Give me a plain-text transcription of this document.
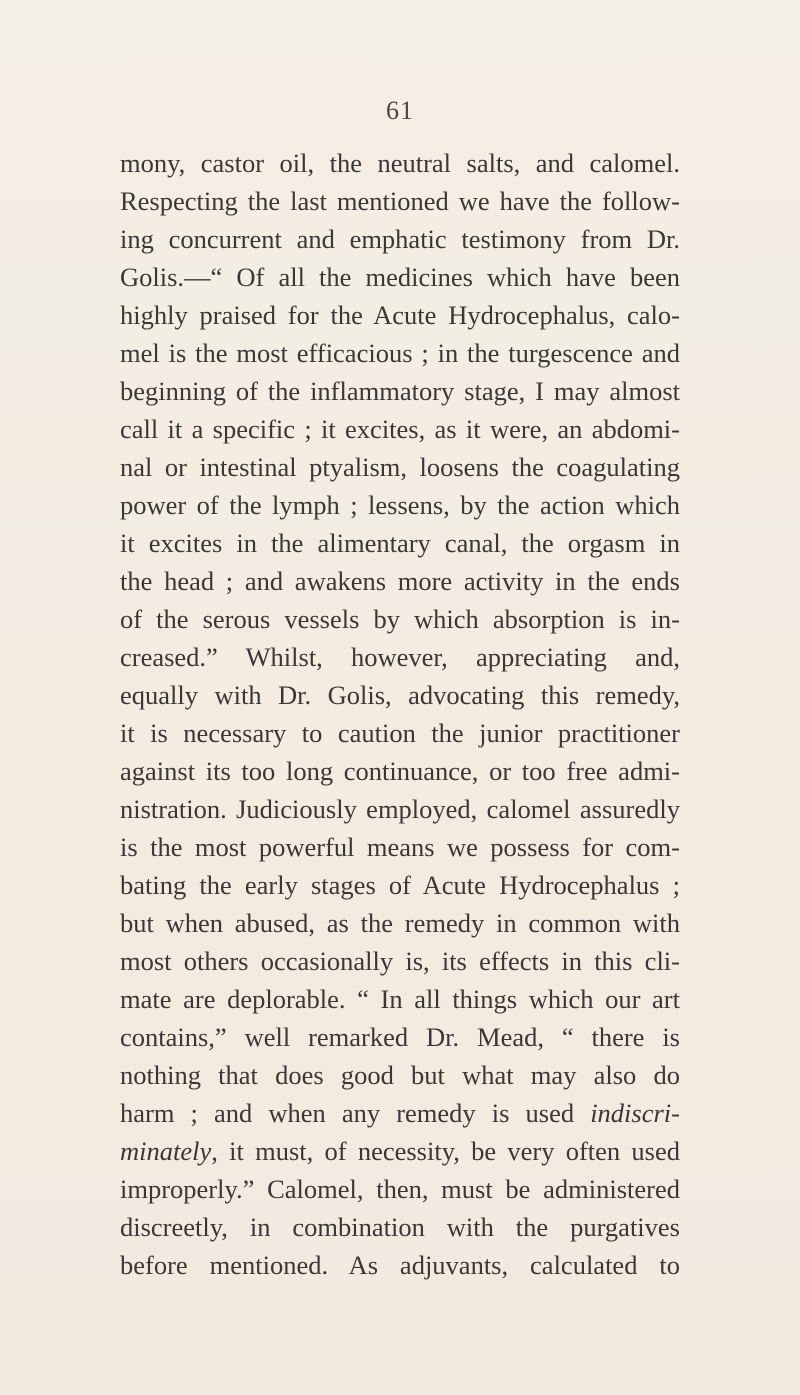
61
mony, castor oil, the neutral salts, and calomel.
Respecting the last mentioned we have the follow-
ing concurrent and emphatic testimony from Dr.
Golis.—“ Of all the medicines which have been
highly praised for the Acute Hydrocephalus, calo-
mel is the most efficacious ; in the turgescence and
beginning of the inflammatory stage, I may almost
call it a specific ; it excites, as it were, an abdomi-
nal or intestinal ptyalism, loosens the coagulating
power of the lymph ; lessens, by the action which
it excites in the alimentary canal, the orgasm in
the head ; and awakens more activity in the ends
of the serous vessels by which absorption is in-
creased.” Whilst, however, appreciating and,
equally with Dr. Golis, advocating this remedy,
it is necessary to caution the junior practitioner
against its too long continuance, or too free admi-
nistration. Judiciously employed, calomel assuredly
is the most powerful means we possess for com-
bating the early stages of Acute Hydrocephalus ;
but when abused, as the remedy in common with
most others occasionally is, its effects in this cli-
mate are deplorable. “ In all things which our art
contains,” well remarked Dr. Mead, “ there is
nothing that does good but what may also do
harm ; and when any remedy is used indiscri-
minately, it must, of necessity, be very often used
improperly.” Calomel, then, must be administered
discreetly, in combination with the purgatives
before mentioned. As adjuvants, calculated to
